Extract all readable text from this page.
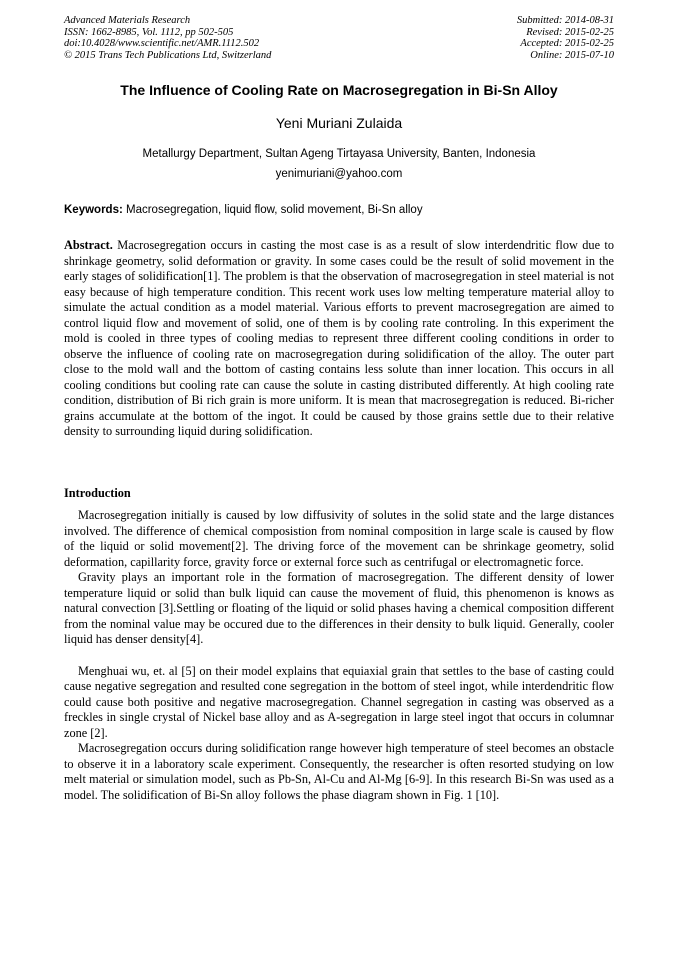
Advanced Materials Research
ISSN: 1662-8985, Vol. 1112, pp 502-505
doi:10.4028/www.scientific.net/AMR.1112.502
© 2015 Trans Tech Publications Ltd, Switzerland
Submitted: 2014-08-31
Revised: 2015-02-25
Accepted: 2015-02-25
Online: 2015-07-10
The Influence of Cooling Rate on Macrosegregation in Bi-Sn Alloy
Yeni Muriani Zulaida
Metallurgy Department, Sultan Ageng Tirtayasa University, Banten, Indonesia
yenimuriani@yahoo.com
Keywords: Macrosegregation, liquid flow, solid movement, Bi-Sn alloy

Abstract. Macrosegregation occurs in casting the most case is as a result of slow interdendritic flow due to shrinkage geometry, solid deformation or gravity. In some cases could be the result of solid movement in the early stages of solidification[1]. The problem is that the observation of macrosegregation in steel material is not easy because of high temperature condition. This recent work uses low melting temperature material alloy to simulate the actual condition as a model material. Various efforts to prevent macrosegregation are aimed to control liquid flow and movement of solid, one of them is by cooling rate controling. In this experiment the mold is cooled in three types of cooling medias to represent three different cooling conditions in order to observe the influence of cooling rate on macrosegregation during solidification of the alloy. The outer part close to the mold wall and the bottom of casting contains less solute than inner location. This occurs in all cooling conditions but cooling rate can cause the solute in casting distributed differently. At high cooling rate condition, distribution of Bi rich grain is more uniform. It is mean that macrosegregation is reduced. Bi-richer grains accumulate at the bottom of the ingot. It could be caused by those grains settle due to their relative density to surrounding liquid during solidification.

Introduction

Macrosegregation initially is caused by low diffusivity of solutes in the solid state and the large distances involved. The difference of chemical composistion from nominal composition in large scale is caused by flow of the liquid or solid movement[2]. The driving force of the movement can be shrinkage geometry, solid deformation, capillarity force, gravity force or external force such as centrifugal or electromagnetic force.

Gravity plays an important role in the formation of macrosegregation. The different density of lower temperature liquid or solid than bulk liquid can cause the movement of fluid, this phenomenon is knows as natural convection [3].Settling or floating of the liquid or solid phases having a chemical composition different from the nominal value may be occured due to the differences in their density to bulk liquid. Generally, cooler liquid has denser density[4].

Menghuai wu, et. al [5] on their model explains that equiaxial grain that settles to the base of casting could cause negative segregation and resulted cone segregation in the bottom of steel ingot, while interdendritic flow could cause both positive and negative macrosegregation. Channel segregation in casting was observed as a freckles in single crystal of Nickel base alloy and as A-segregation in large steel ingot that occurs in columnar zone [2].

Macrosegregation occurs during solidification range however high temperature of steel becomes an obstacle to observe it in a laboratory scale experiment. Consequently, the researcher is often resorted studying on low melt material or simulation model, such as Pb-Sn, Al-Cu and Al-Mg [6-9]. In this research Bi-Sn was used as a model. The solidification of Bi-Sn alloy follows the phase diagram shown in Fig. 1 [10].
